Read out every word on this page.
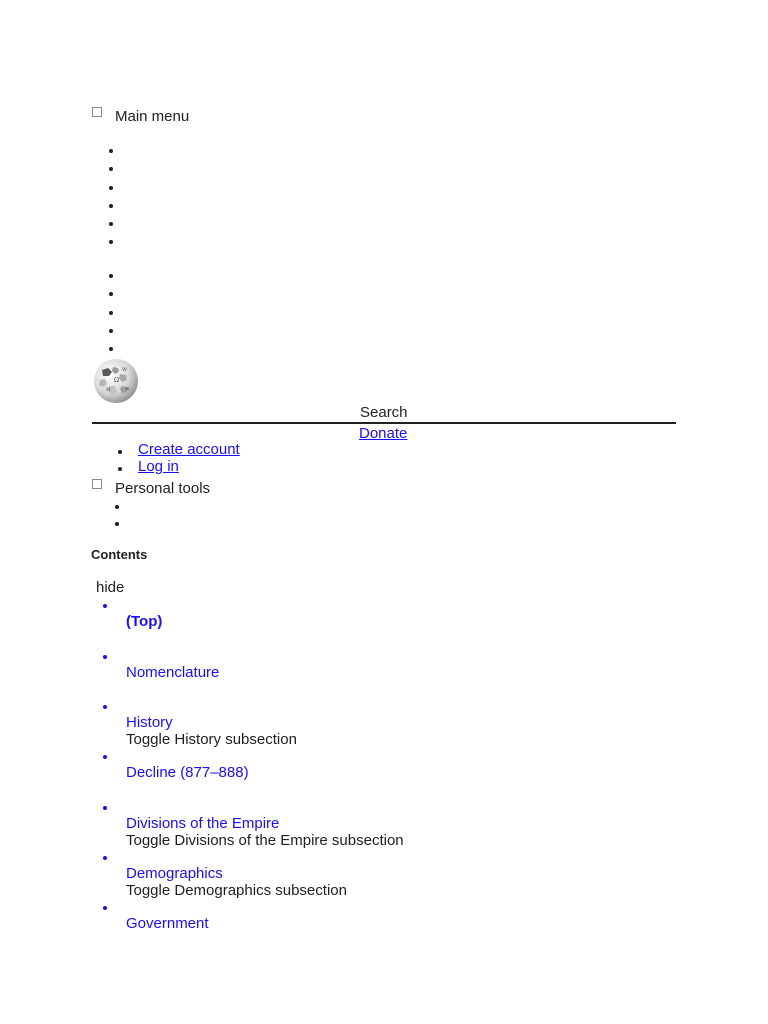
Main menu
Ω
W
И	ж
Search
Donate
Create account
Log in
Personal tools
Contents
hide
(Top)
Nomenclature
History
Toggle History subsection
Decline (877–888)
Divisions of the Empire
Toggle Divisions of the Empire subsection
Demographics
Toggle Demographics subsection
Government
